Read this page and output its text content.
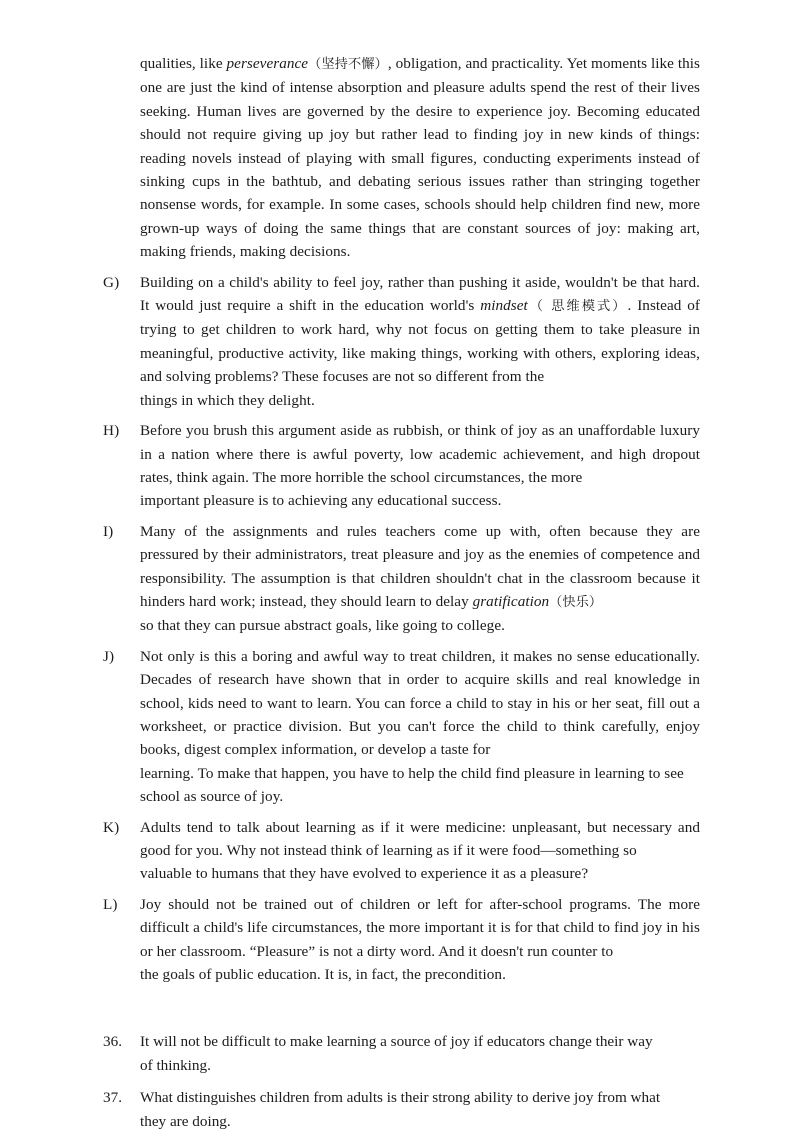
qualities, like perseverance（坚持不懈）, obligation, and practicality. Yet moments like this one are just the kind of intense absorption and pleasure adults spend the rest of their lives seeking. Human lives are governed by the desire to experience joy. Becoming educated should not require giving up joy but rather lead to finding joy in new kinds of things: reading novels instead of playing with small figures, conducting experiments instead of sinking cups in the bathtub, and debating serious issues rather than stringing together nonsense words, for example. In some cases, schools should help children find new, more grown-up ways of doing the same things that are constant sources of joy: making art, making friends, making decisions.
G)	Building on a child's ability to feel joy, rather than pushing it aside, wouldn't be that hard. It would just require a shift in the education world's mindset（ 思维模式）. Instead of trying to get children to work hard, why not focus on getting them to take pleasure in meaningful, productive activity, like making things, working with others, exploring ideas, and solving problems? These focuses are not so different from the
things in which they delight.
H)	Before you brush this argument aside as rubbish, or think of joy as an unaffordable luxury in a nation where there is awful poverty, low academic achievement, and high dropout rates, think again. The more horrible the school circumstances, the more
important pleasure is to achieving any educational success.
I)	Many of the assignments and rules teachers come up with, often because they are pressured by their administrators, treat pleasure and joy as the enemies of competence and responsibility. The assumption is that children shouldn't chat in the classroom because it hinders hard work; instead, they should learn to delay gratification（快乐）
so that they can pursue abstract goals, like going to college.
J)	Not only is this a boring and awful way to treat children, it makes no sense educationally. Decades of research have shown that in order to acquire skills and real knowledge in school, kids need to want to learn. You can force a child to stay in his or her seat, fill out a worksheet, or practice division. But you can't force the child to think carefully, enjoy books, digest complex information, or develop a taste for
learning. To make that happen, you have to help the child find pleasure in learning to see school as source of joy.
K)	Adults tend to talk about learning as if it were medicine: unpleasant, but necessary and good for you. Why not instead think of learning as if it were food—something so
valuable to humans that they have evolved to experience it as a pleasure?
L)	Joy should not be trained out of children or left for after-school programs. The more difficult a child's life circumstances, the more important it is for that child to find joy in his or her classroom. “Pleasure” is not a dirty word. And it doesn't run counter to
the goals of public education. It is, in fact, the precondition.
36.	It will not be difficult to make learning a source of joy if educators change their way
of thinking.
37.	What distinguishes children from adults is their strong ability to derive joy from what
they are doing.
